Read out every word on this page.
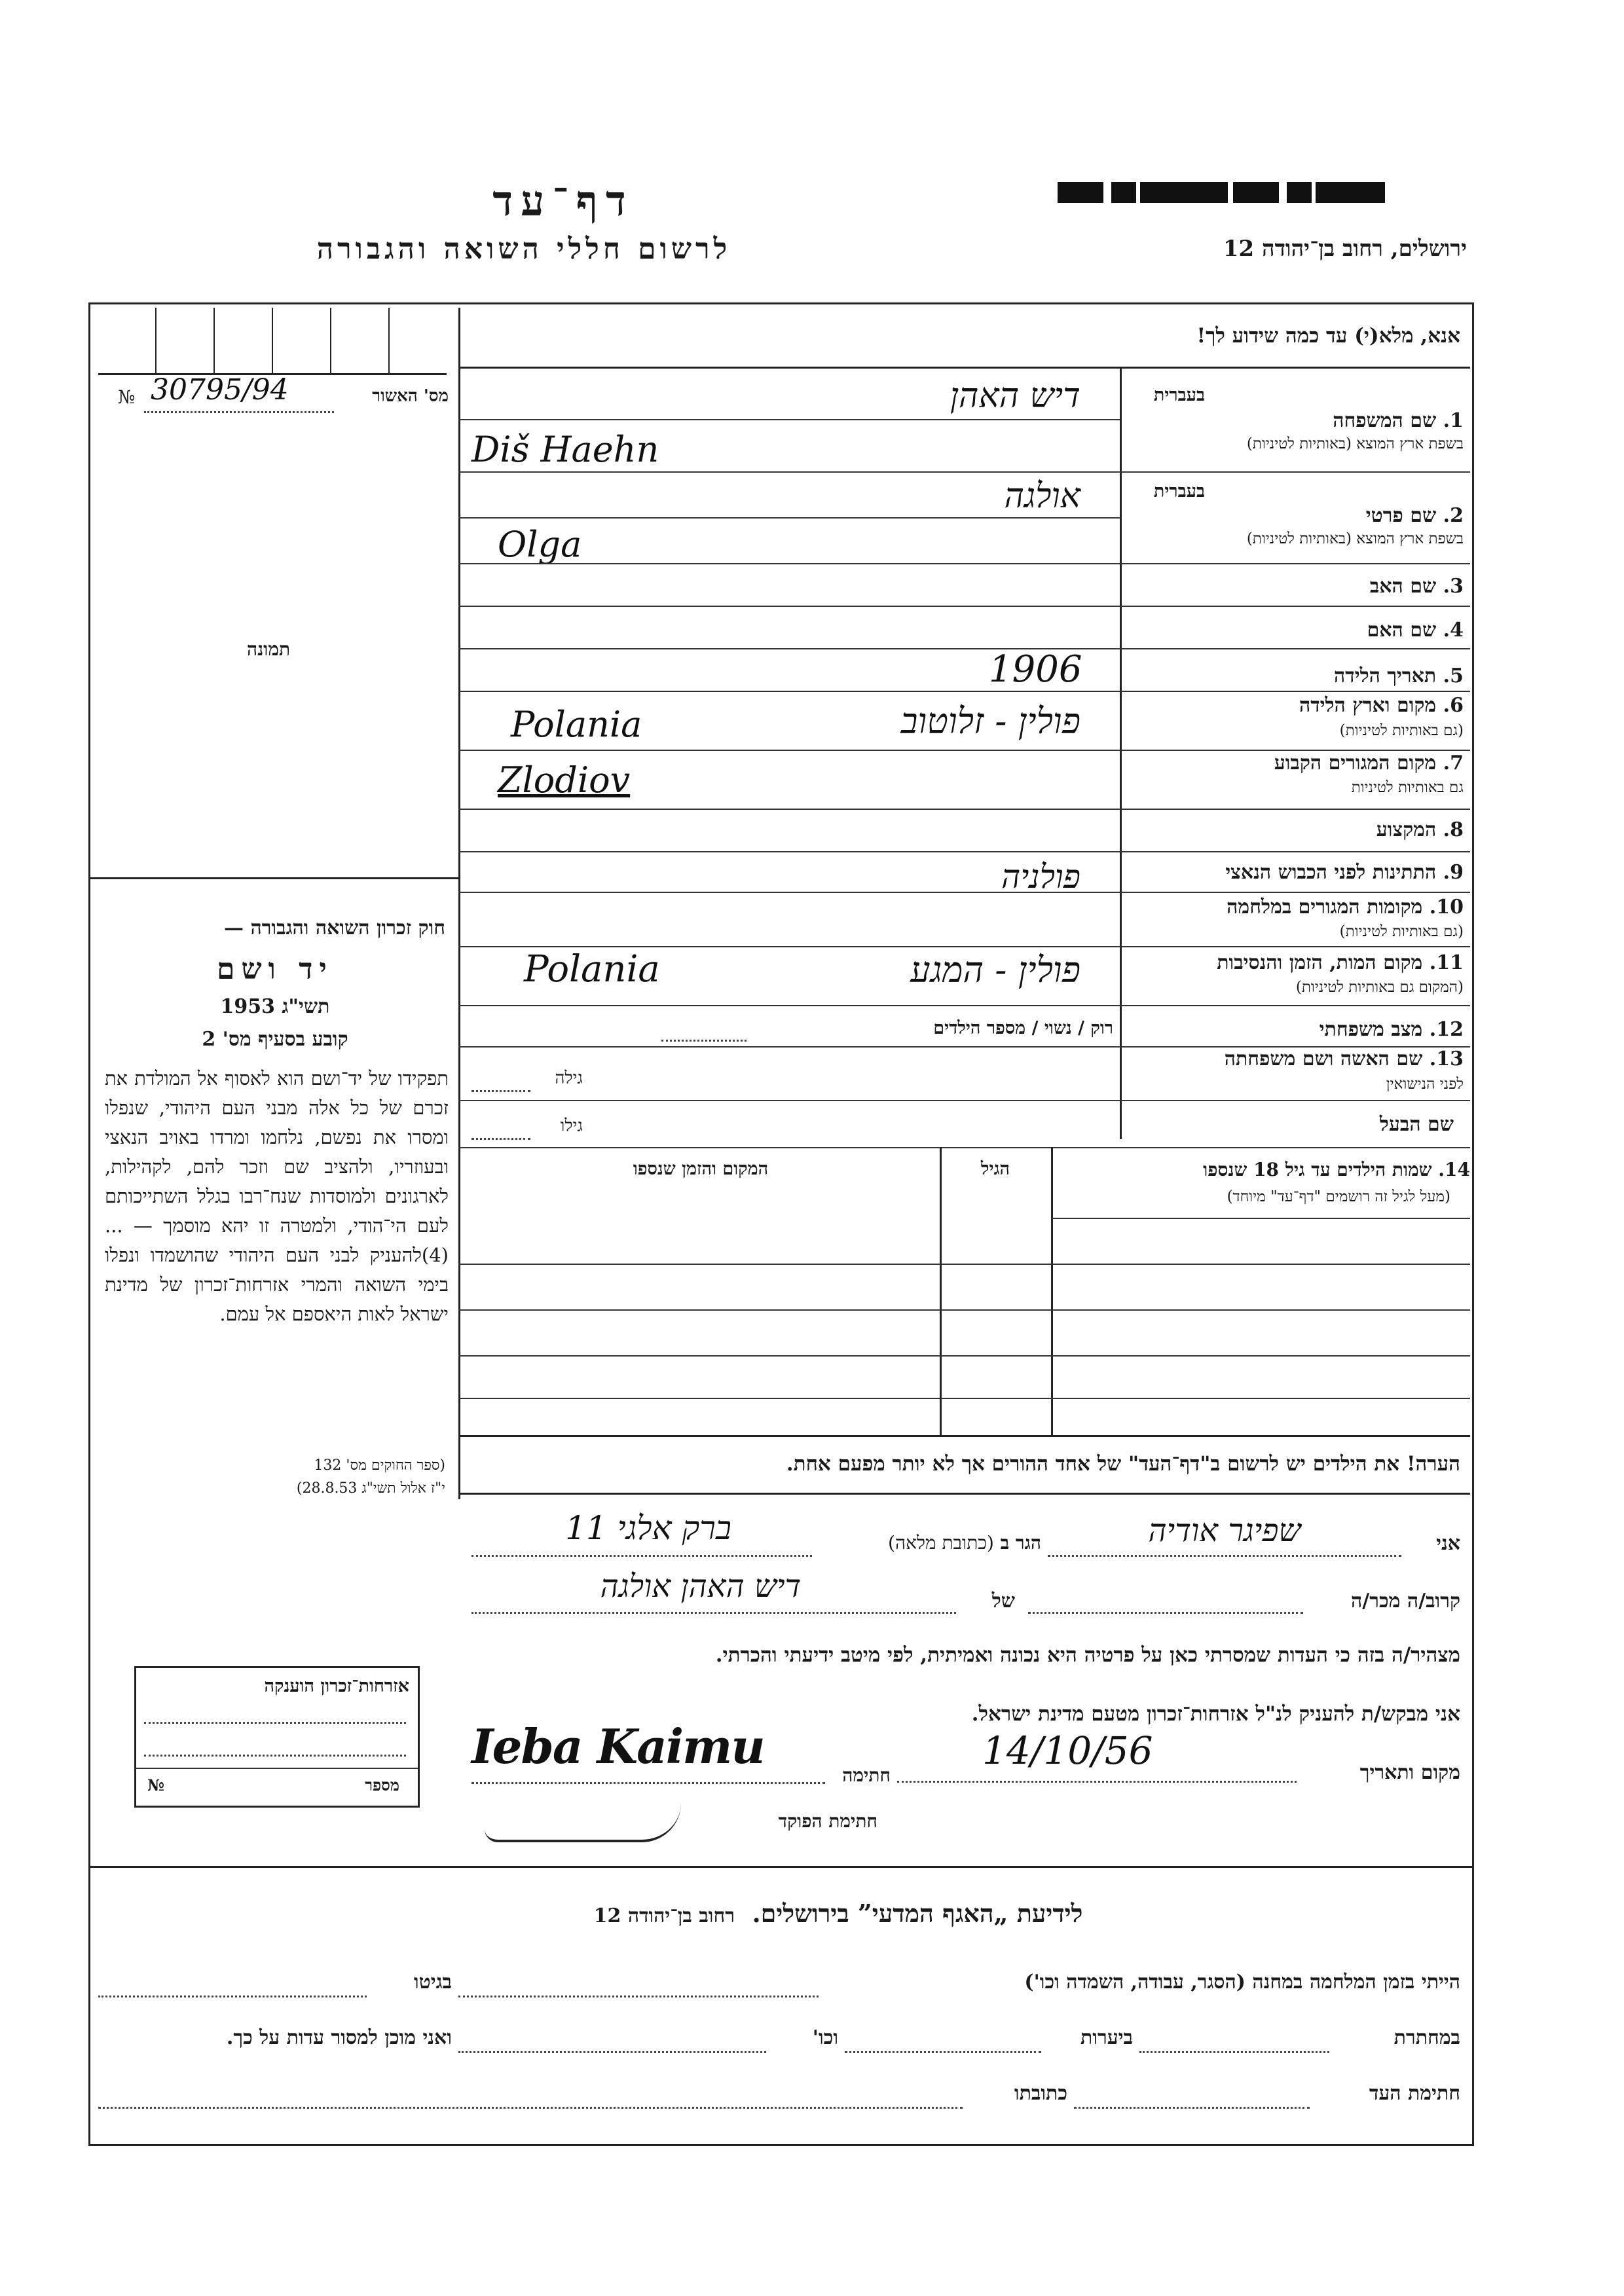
דף־עד
לרשום חללי השואה והגבורה	ירושלים, רחוב בן־יהודה 12
אנא, מלא(י) עד כמה שידוע לך!
מס' האשור
№ 30795/94
תמונה
בעברית
1. שם המשפחה
בשפת ארץ המוצא (באותיות לטיניות)
דיש האהן
Diš Haehn
בעברית
2. שם פרטי
בשפת ארץ המוצא (באותיות לטיניות)
אולגה
Olga
3. שם האב
4. שם האם
5. תאריך הלידה
1906
6. מקום וארץ הלידה
(גם באותיות לטיניות)
Polania	פולין - זלוטוב
7. מקום המגורים הקבוע
גם באותיות לטיניות
Zlodiov
8. המקצוע
9. התתינות לפני הכבוש הנאצי
פולניה
10. מקומות המגורים במלחמה
(גם באותיות לטיניות)
11. מקום המות, הזמן והנסיבות
(המקום גם באותיות לטיניות)
Polania	פולין - המגע
12. מצב משפחתי
רוק / נשוי / מספר הילדים
13. שם האשה ושם משפחתה
לפני הנישואין
גילה
שם הבעל
גילו
14. שמות הילדים עד גיל 18 שנספו
(מעל לגיל זה רושמים "דף־עד" מיוחד)
הגיל
המקום והזמן שנספו
הערה! את הילדים יש לרשום ב"דף־העד" של אחד ההורים אך לא יותר מפעם אחת.
חוק זכרון השואה והגבורה —
יד ושם
תשי"ג 1953
קובע בסעיף מס' 2
תפקידו של יד־ושם הוא לאסוף אל המולדת את זכרם של כל אלה מבני העם היהודי, שנפלו ומסרו את נפשם, נלחמו ומרדו באויב הנאצי ובעוזריו, ולהציב שם וזכר להם, לקהילות, לארגונים ולמוסדות שנח־רבו בגלל השתייכותם לעם הי־הודי, ולמטרה זו יהא מוסמך — ...(4)להעניק לבני העם היהודי שהושמדו ונפלו בימי השואה והמרי אזרחות־זכרון של מדינת ישראל לאות היאספם אל עמם.
(ספר החוקים מס' 132
י"ז אלול תשי"ג 28.8.53)
אני
שפיגר אודיה
הגר ב (כתובת מלאה)
ברק אלגי 11
קרוב/ה מכר/ה
של
דיש האהן אולגה
מצהיר/ה בזה כי העדות שמסרתי כאן על פרטיה היא נכונה ואמיתית, לפי מיטב ידיעתי והכרתי.
אני מבקש/ת להעניק לנ"ל אזרחות־זכרון מטעם מדינת ישראל.
מקום ותאריך
14/10/56
חתימה
Ieba Kaimu
חתימת הפוקד
אזרחות־זכרון הוענקה
מספר
№
לידיעת „האגף המדעי” בירושלים.  רחוב בן־יהודה 12
הייתי בזמן המלחמה במחנה (הסגר, עבודה, השמדה וכו')
בגיטו
במחתרת
ביערות
וכו'
ואני מוכן למסור עדות על כך.
חתימת העד
כתובתו
